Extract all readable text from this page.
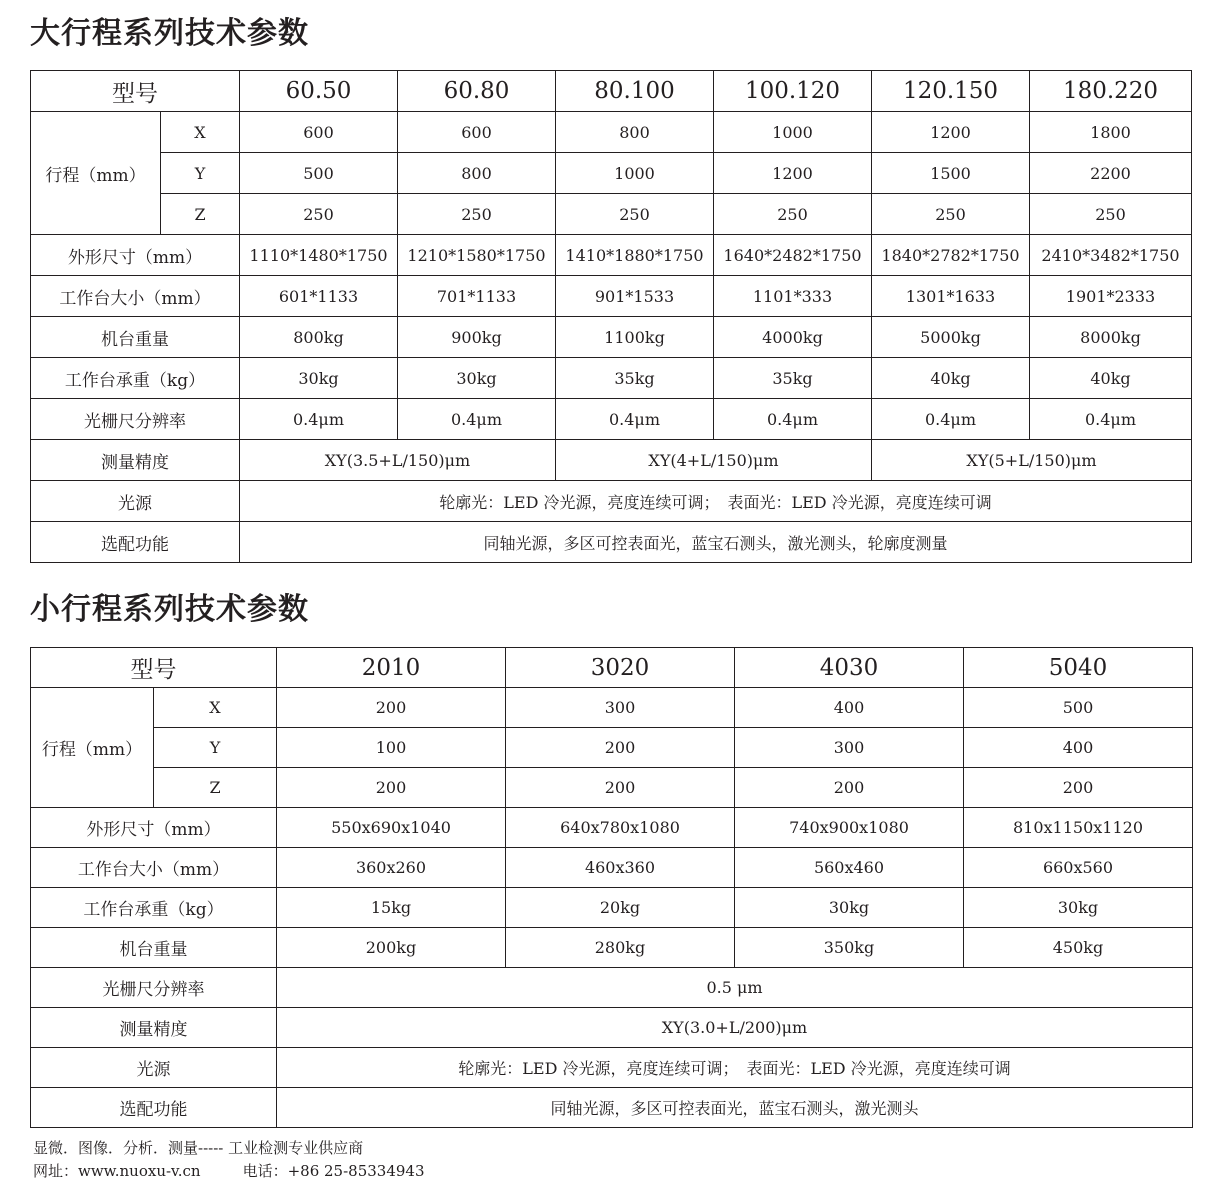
大行程系列技术参数
型号		60.50	60.80	80.100	100.120	120.150	180.220
行程（mm）	X	600	600	800	1000	1200	1800
	Y	500	800	1000	1200	1500	2200
	Z	250	250	250	250	250	250
外形尺寸（mm）		1110*1480*1750	1210*1580*1750	1410*1880*1750	1640*2482*1750	1840*2782*1750	2410*3482*1750
工作台大小（mm）		601*1133	701*1133	901*1533	1101*333	1301*1633	1901*2333
机台重量		800kg	900kg	1100kg	4000kg	5000kg	8000kg
工作台承重（kg）		30kg	30kg	35kg	35kg	40kg	40kg
光栅尺分辨率		0.4μm	0.4μm	0.4μm	0.4μm	0.4μm	0.4μm
测量精度		XY(3.5+L/150)μm		XY(4+L/150)μm		XY(5+L/150)μm	
光源		轮廓光：LED 冷光源，亮度连续可调；　表面光：LED 冷光源，亮度连续可调					
选配功能		同轴光源，多区可控表面光，蓝宝石测头，激光测头，轮廓度测量					
小行程系列技术参数
型号		2010	3020	4030	5040
行程（mm）	X	200	300	400	500
	Y	100	200	300	400
	Z	200	200	200	200
外形尺寸（mm）		550x690x1040	640x780x1080	740x900x1080	810x1150x1120
工作台大小（mm）		360x260	460x360	560x460	660x560
工作台承重（kg）		15kg	20kg	30kg	30kg
机台重量		200kg	280kg	350kg	450kg
光栅尺分辨率		0.5 μm			
测量精度		XY(3.0+L/200)μm			
光源		轮廓光：LED 冷光源，亮度连续可调；　表面光：LED 冷光源，亮度连续可调			
选配功能		同轴光源，多区可控表面光，蓝宝石测头，激光测头			

显微．图像．分析．测量----- 工业检测专业供应商

网址：www.nuoxu-v.cn	电话：+86 25-85334943
